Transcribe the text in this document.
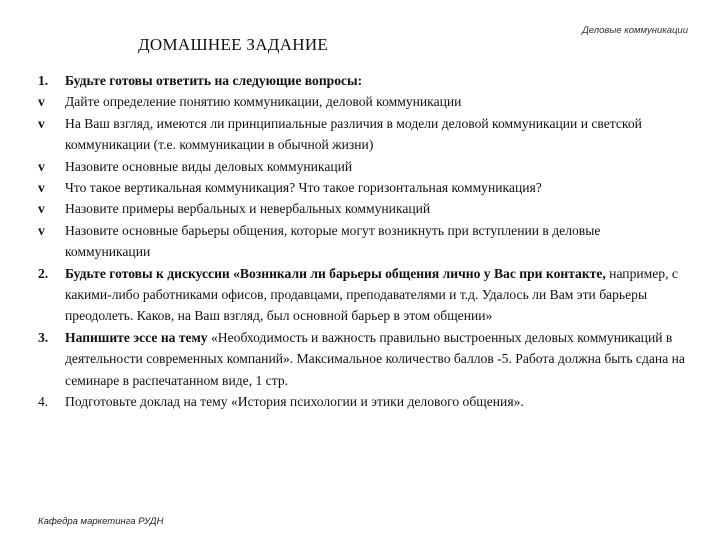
Деловые коммуникации
ДОМАШНЕЕ ЗАДАНИЕ
1.	Будьте готовы ответить на следующие вопросы:
v	Дайте определение понятию коммуникации, деловой коммуникации
v	На Ваш взгляд, имеются ли принципиальные различия в модели деловой коммуникации и светской коммуникации (т.е. коммуникации в обычной жизни)
v	Назовите основные виды деловых коммуникаций
v	Что такое вертикальная коммуникация? Что такое горизонтальная коммуникация?
v	Назовите примеры вербальных и невербальных коммуникаций
v	Назовите основные барьеры общения, которые могут возникнуть при вступлении в деловые коммуникации
2.	Будьте готовы к дискуссии «Возникали ли барьеры общения лично у Вас при контакте, например, с какими-либо работниками офисов, продавцами, преподавателями и т.д. Удалось ли Вам эти барьеры преодолеть. Каков, на Ваш взгляд, был основной барьер в этом общении»
3.	Напишите эссе на тему «Необходимость и важность правильно выстроенных деловых коммуникаций в деятельности современных компаний». Максимальное количество баллов -5. Работа должна быть сдана на семинаре в распечатанном виде, 1 стр.
4.	Подготовьте доклад на тему «История психологии и этики делового общения».
Кафедра маркетинга РУДН
